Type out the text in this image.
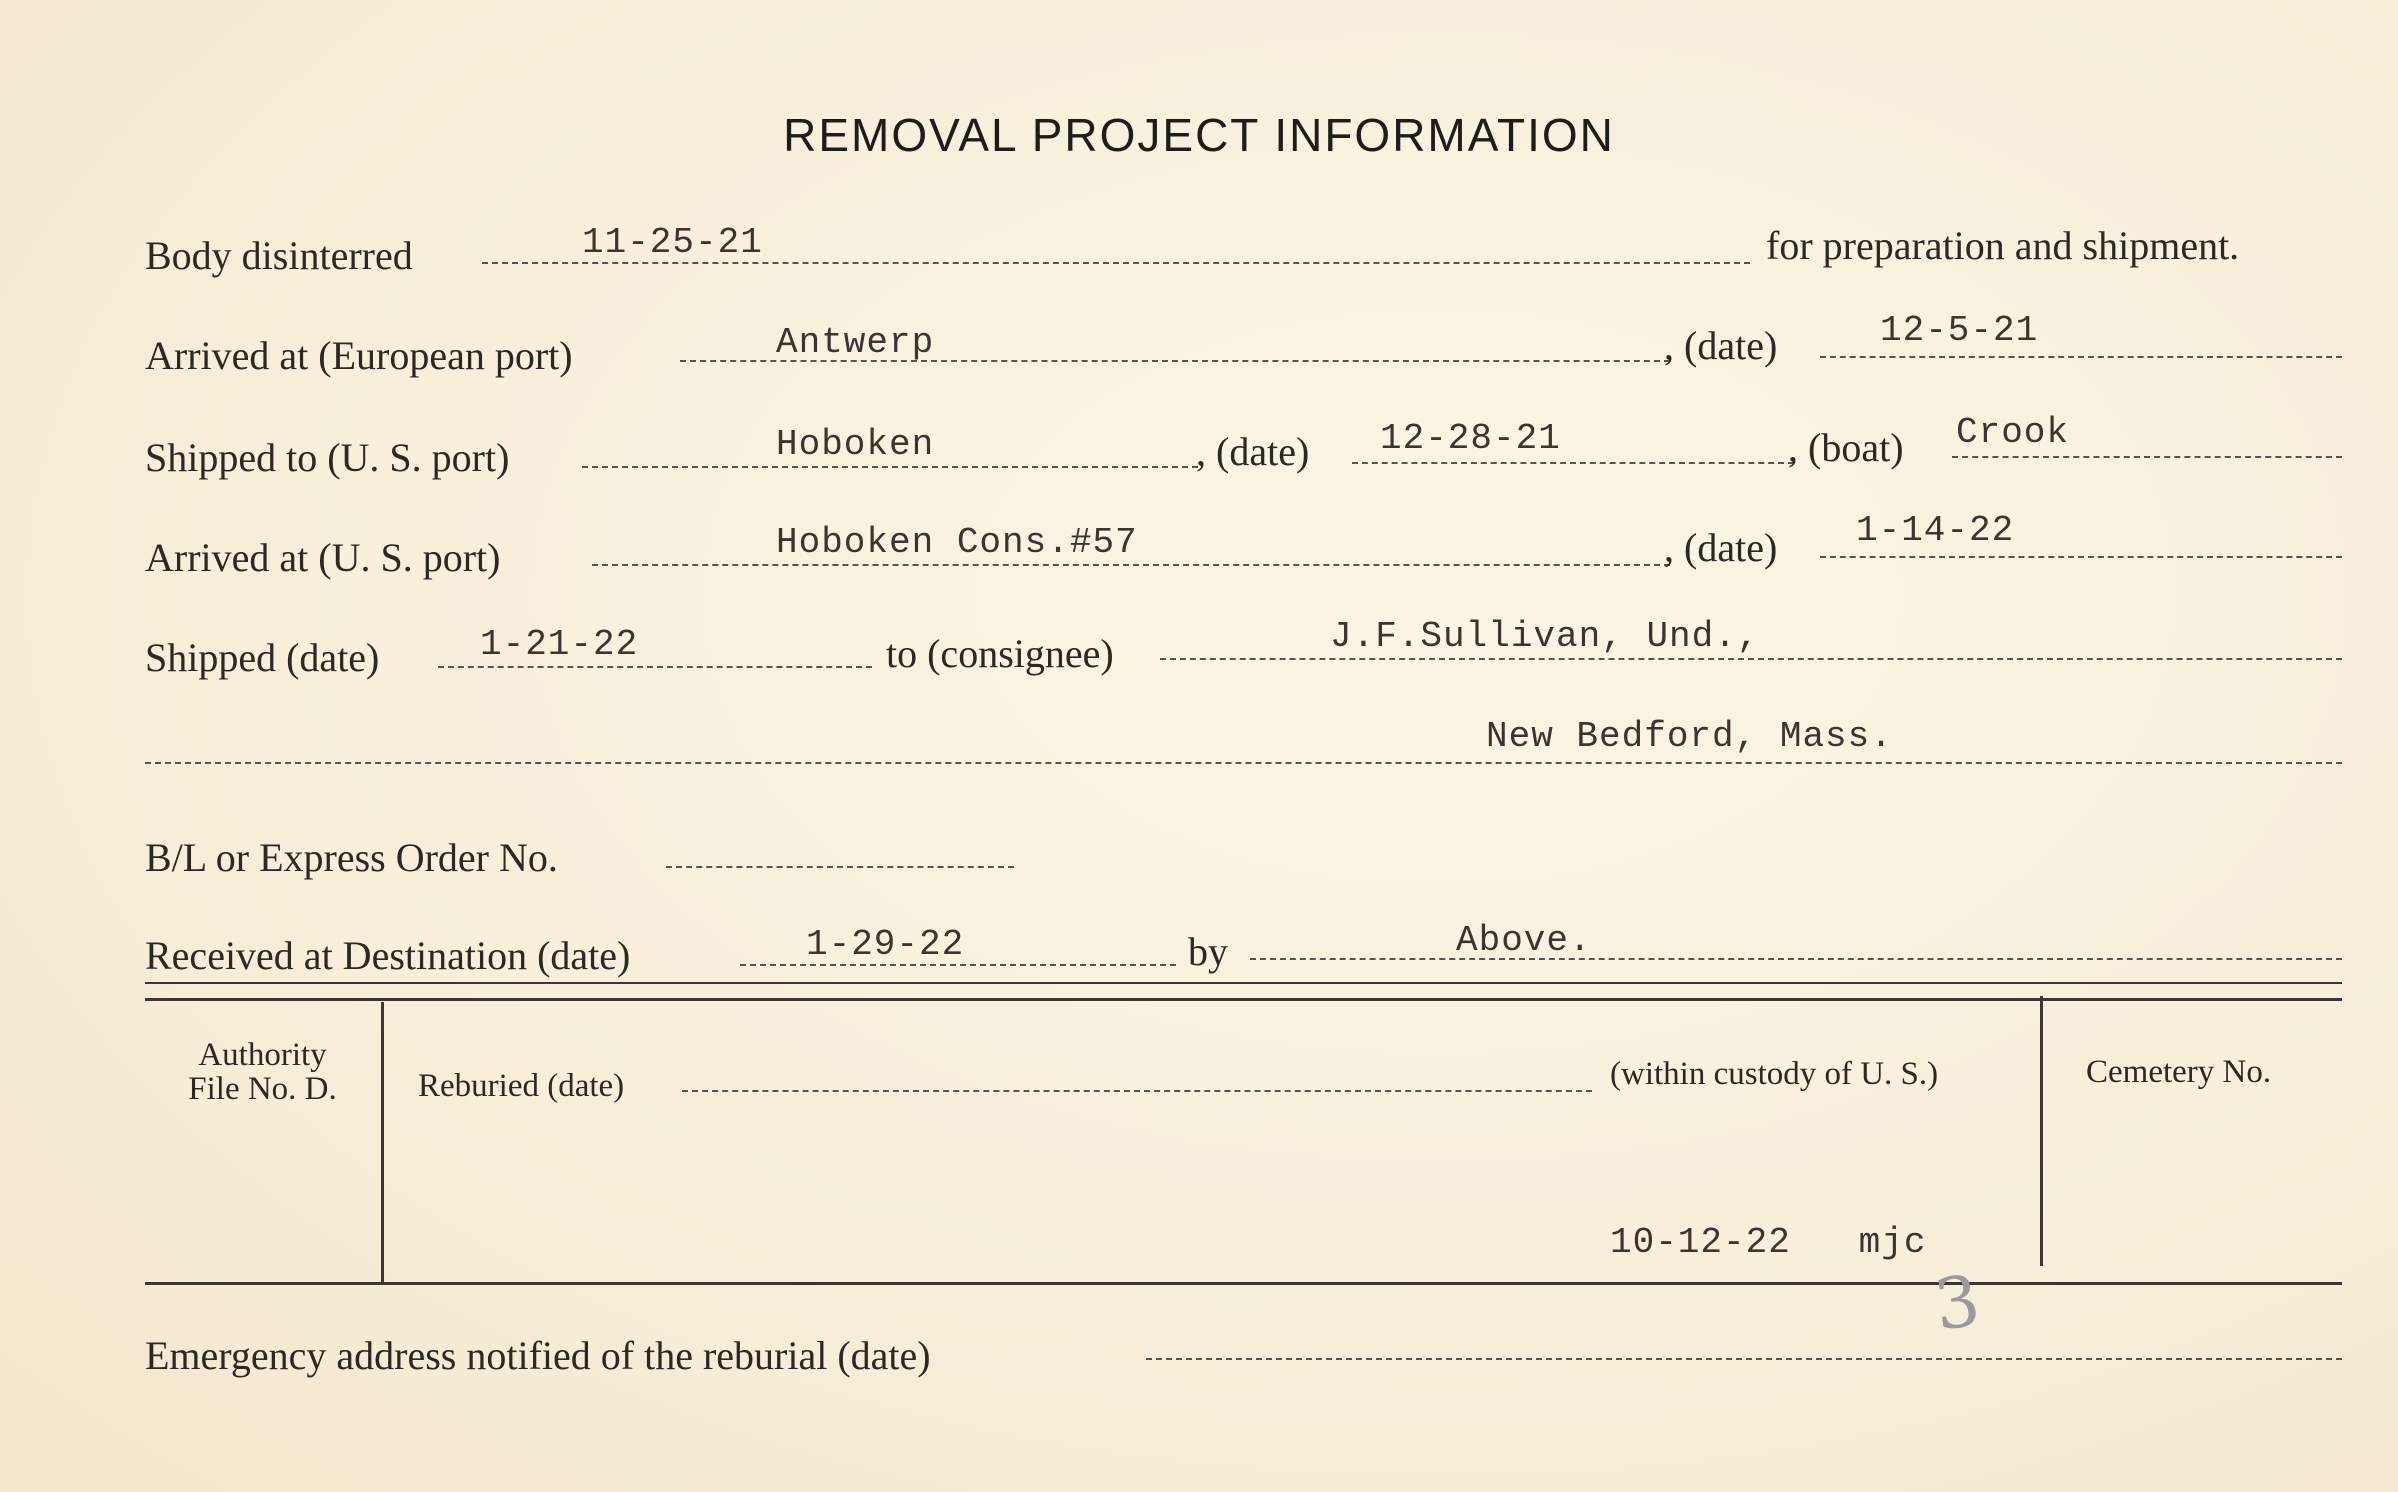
REMOVAL PROJECT INFORMATION
Body disinterred	11-25-21	for preparation and shipment.
Arrived at (European port)	Antwerp	, (date)	12-5-21
Shipped to (U. S. port)	Hoboken	, (date) 12-28-21	, (boat) Crook
Arrived at (U. S. port)	Hoboken Cons.#57	, (date) 1-14-22
Shipped (date)	1-21-22	to (consignee)	J.F.Sullivan, Und.,
New Bedford, Mass.
B/L or Express Order No.
Received at Destination (date)	1-29-22	by	Above.
Authority
File No. D.	Reburied (date)	(within custody of U. S.)	Cemetery No.
10-12-22   mjc
Emergency address notified of the reburial (date)
3
